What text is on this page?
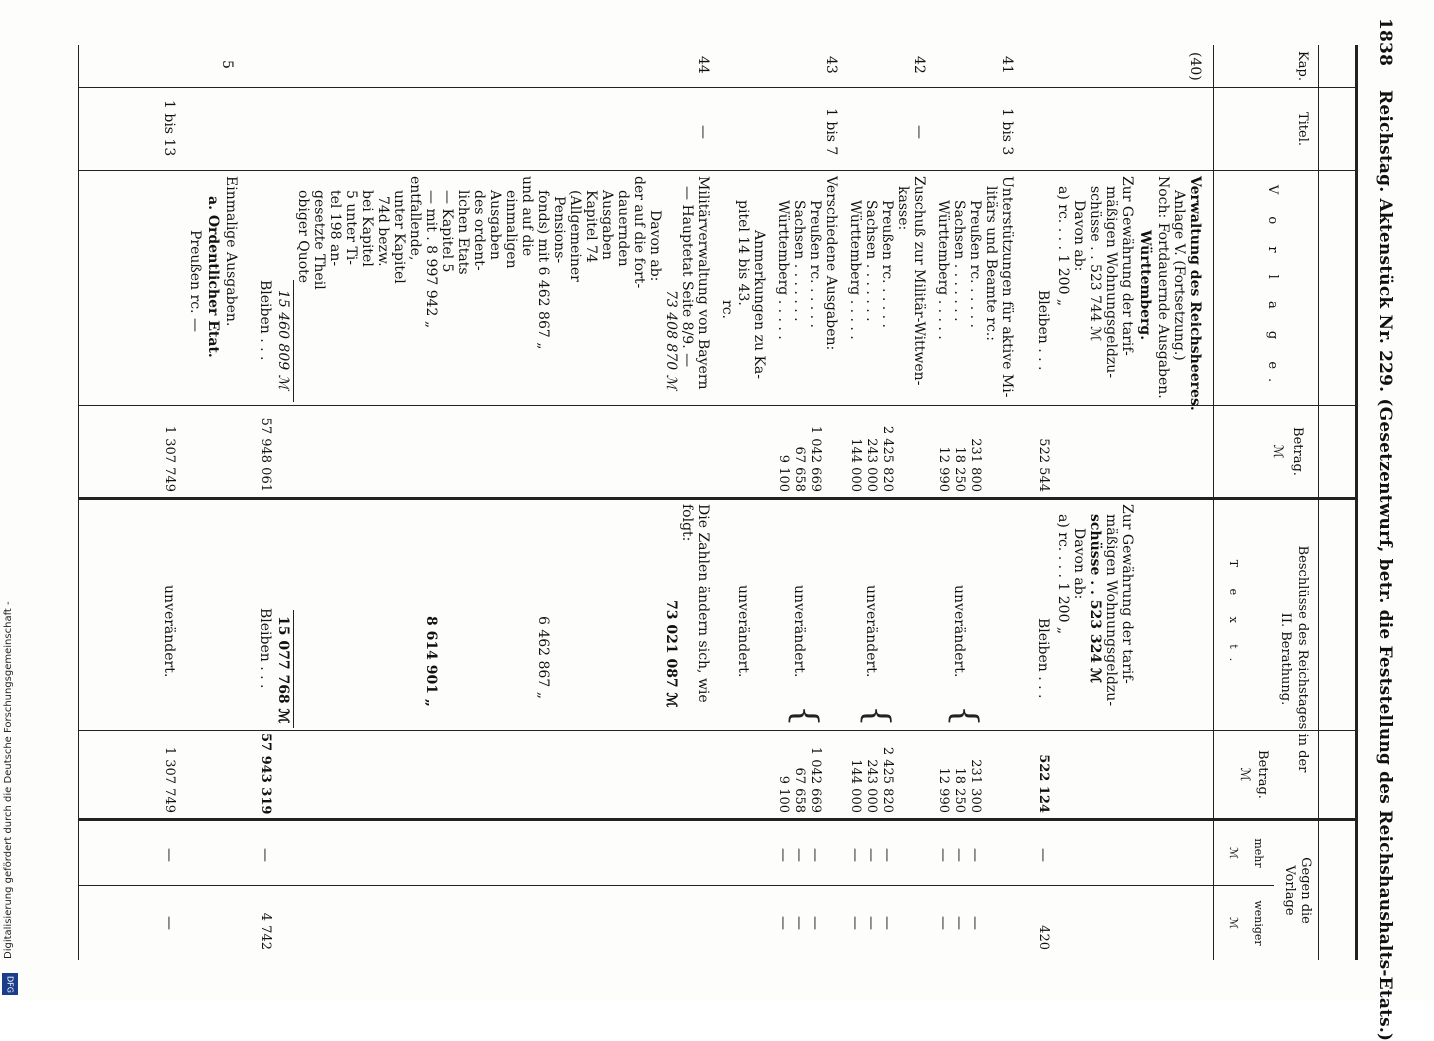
1838
Reichstag. Aktenstück Nr. 229. (Gesetzentwurf, betr. die Feststellung des Reichshaushalts-Etats.)
Kap.
Titel.
V o r l a g e.
Betrag.
ℳ
Beschlüsse des Reichstages in der
II. Berathung.
T e x t.
Betrag.
ℳ
Gegen die
Vorlage
mehr
weniger
ℳ
ℳ
(40)
Verwaltung des Reichsheeres.
Anlage V. (Fortsetzung.)
Noch: Fortdauernde Ausgaben.
Württemberg.
Zur Gewährung der tarif-
mäßigen Wohnungsgeldzu-
schüsse . . 523 744 ℳ
Davon ab:
a) rc. . . . 1 200 „
Bleiben . . .
522 544
Zur Gewährung der tarif-
mäßigen Wohnungsgeldzu-
schüsse . . 523 324 ℳ
Davon ab:
a) rc. . . . 1 200 „
Bleiben . . .
522 124
—
420
41
1 bis 3
Unterstützungen für aktive Mi-
litärs und Beamte rc.:
Preußen rc. . . . . .
Sachsen . . . . . . .
Württemberg . . . . .
231 800
18 250
12 990
unverändert.
{
231 300
18 250
12 990
—
—
—
—
—
—
42
—
Zuschuß zur Militär-Wittwen-
kasse:
Preußen rc. . . . . .
Sachsen . . . . . . .
Württemberg . . . . .
2 425 820
243 000
144 000
unverändert.
{
2 425 820
243 000
144 000
—
—
—
—
—
—
43
1 bis 7
Verschiedene Ausgaben:
Preußen rc. . . . . .
Sachsen . . . . . . .
Württemberg . . . . .
1 042 669
67 658
9 100
unverändert.
{
1 042 669
67 658
9 100
—
—
—
—
—
—
Anmerkungen zu Ka-
pitel 14 bis 43.
rc.
unverändert.
44
—
Militärverwaltung von Bayern
— Hauptetat Seite 8/9. —
73 408 870 ℳ
Davon ab:
der auf die fort-
dauernden
Ausgaben
Kapitel 74
(Allgemeiner
Pensions-
fonds) mit 6 462 867 „
und auf die
einmaligen
Ausgaben
des ordent-
lichen Etats
— Kapitel 5
— mit . 8 997 942 „
entfallende,
unter Kapitel
74d bezw.
bei Kapitel
5 unter Ti-
tel 198 an-
gesetzte Theil
obiger Quote
15 460 809 ℳ
Bleiben . . .
57 948 061
Die Zahlen ändern sich, wie
folgt:
73 021 087 ℳ
6 462 867 „
8 614 901 „
15 077 768 ℳ
Bleiben . . .
57 943 319
—
4 742
5
1 bis 13
Einmalige Ausgaben.
a. Ordentlicher Etat.
Preußen rc. —
1 307 749
unverändert.
1 307 749
—
—
Digitalisierung gefördert durch die Deutsche Forschungsgemeinschaft -
DFG
